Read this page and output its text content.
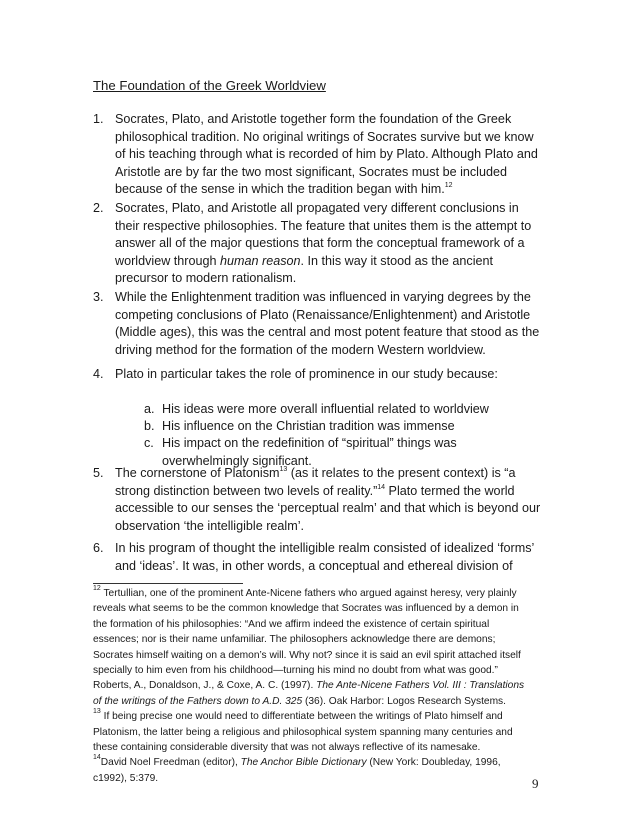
The Foundation of the Greek Worldview
1. Socrates, Plato, and Aristotle together form the foundation of the Greek
philosophical tradition. No original writings of Socrates survive but we know
of his teaching through what is recorded of him by Plato. Although Plato and
Aristotle are by far the two most significant, Socrates must be included
because of the sense in which the tradition began with him.$^{12}$
2. Socrates, Plato, and Aristotle all propagated very different conclusions in
their respective philosophies. The feature that unites them is the attempt to
answer all of the major questions that form the conceptual framework of a
worldview through human reason. In this way it stood as the ancient
precursor to modern rationalism.
3. While the Enlightenment tradition was influenced in varying degrees by the
competing conclusions of Plato (Renaissance/Enlightenment) and Aristotle
(Middle ages), this was the central and most potent feature that stood as the
driving method for the formation of the modern Western worldview.
4. Plato in particular takes the role of prominence in our study because:
a. His ideas were more overall influential related to worldview
b. His influence on the Christian tradition was immense
c. His impact on the redefinition of “spiritual” things was
overwhelmingly significant.
5. The cornerstone of Platonism$^{13}$ (as it relates to the present context) is “a
strong distinction between two levels of reality.”$^{14}$ Plato termed the world
accessible to our senses the ‘perceptual realm’ and that which is beyond our
observation ‘the intelligible realm’.
6. In his program of thought the intelligible realm consisted of idealized ‘forms’
and ‘ideas’. It was, in other words, a conceptual and ethereal division of
$^{12}$ Tertullian, one of the prominent Ante-Nicene fathers who argued against heresy, very plainly
reveals what seems to be the common knowledge that Socrates was influenced by a demon in
the formation of his philosophies: “And we affirm indeed the existence of certain spiritual
essences; nor is their name unfamiliar. The philosophers acknowledge there are demons;
Socrates himself waiting on a demon’s will. Why not? since it is said an evil spirit attached itself
specially to him even from his childhood—turning his mind no doubt from what was good.”
Roberts, A., Donaldson, J., & Coxe, A. C. (1997). The Ante-Nicene Fathers Vol. III : Translations
of the writings of the Fathers down to A.D. 325 (36). Oak Harbor: Logos Research Systems.
$^{13}$ If being precise one would need to differentiate between the writings of Plato himself and
Platonism, the latter being a religious and philosophical system spanning many centuries and
these containing considerable diversity that was not always reflective of its namesake.
$^{14}$David Noel Freedman (editor), The Anchor Bible Dictionary (New York: Doubleday, 1996,
c1992), 5:379.	9
